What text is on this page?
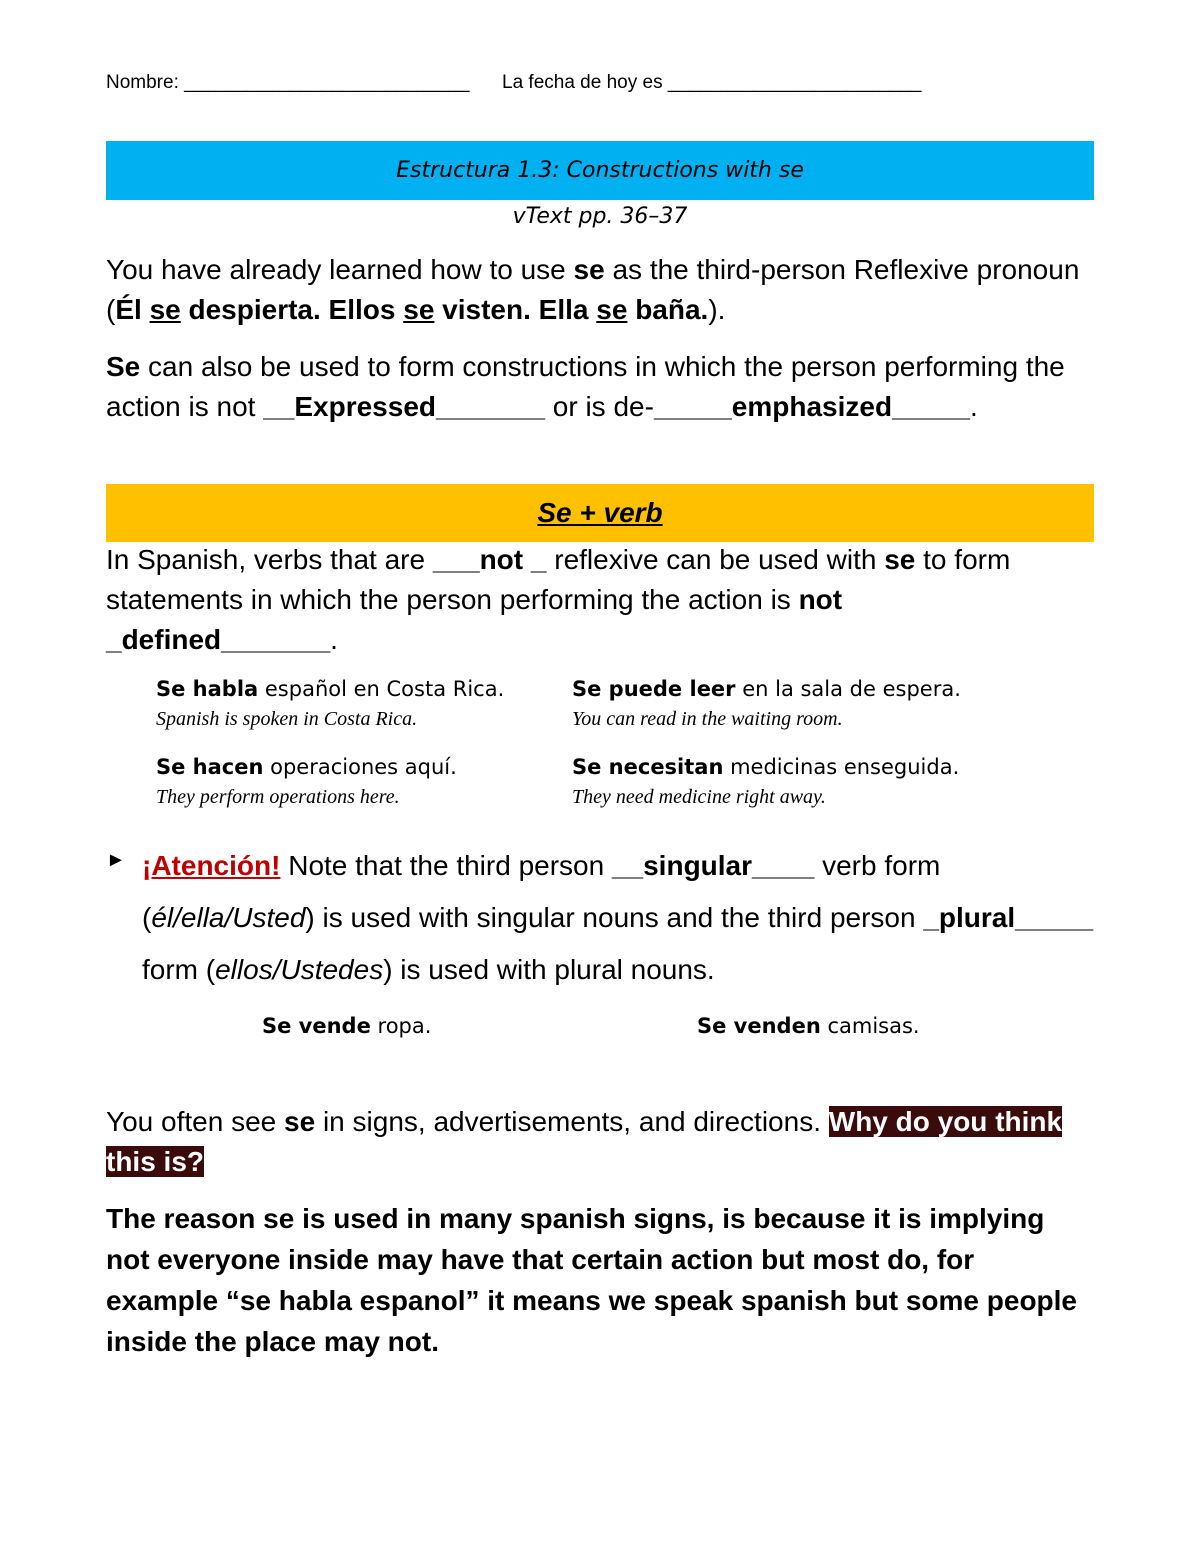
Nombre: ___________________________ La fecha de hoy es ________________________
Estructura 1.3: Constructions with se
vText pp. 36–37
You have already learned how to use se as the third-person Reflexive pronoun (Él se despierta. Ellos se visten. Ella se baña.).
Se can also be used to form constructions in which the person performing the action is not __Expressed_______ or is de-_____emphasized_____.
Se + verb
In Spanish, verbs that are ___not _ reflexive can be used with se to form statements in which the person performing the action is not
_defined_______.
Se habla español en Costa Rica.
Spanish is spoken in Costa Rica.
Se puede leer en la sala de espera.
You can read in the waiting room.
Se hacen operaciones aquí.
They perform operations here.
Se necesitan medicinas enseguida.
They need medicine right away.
► ¡Atención! Note that the third person __singular____ verb form (él/ella/Usted) is used with singular nouns and the third person _plural_____ form (ellos/Ustedes) is used with plural nouns.
Se vende ropa.	Se venden camisas.
You often see se in signs, advertisements, and directions. Why do you think this is?
The reason se is used in many spanish signs, is because it is implying not everyone inside may have that certain action but most do, for example “se habla espanol” it means we speak spanish but some people inside the place may not.
